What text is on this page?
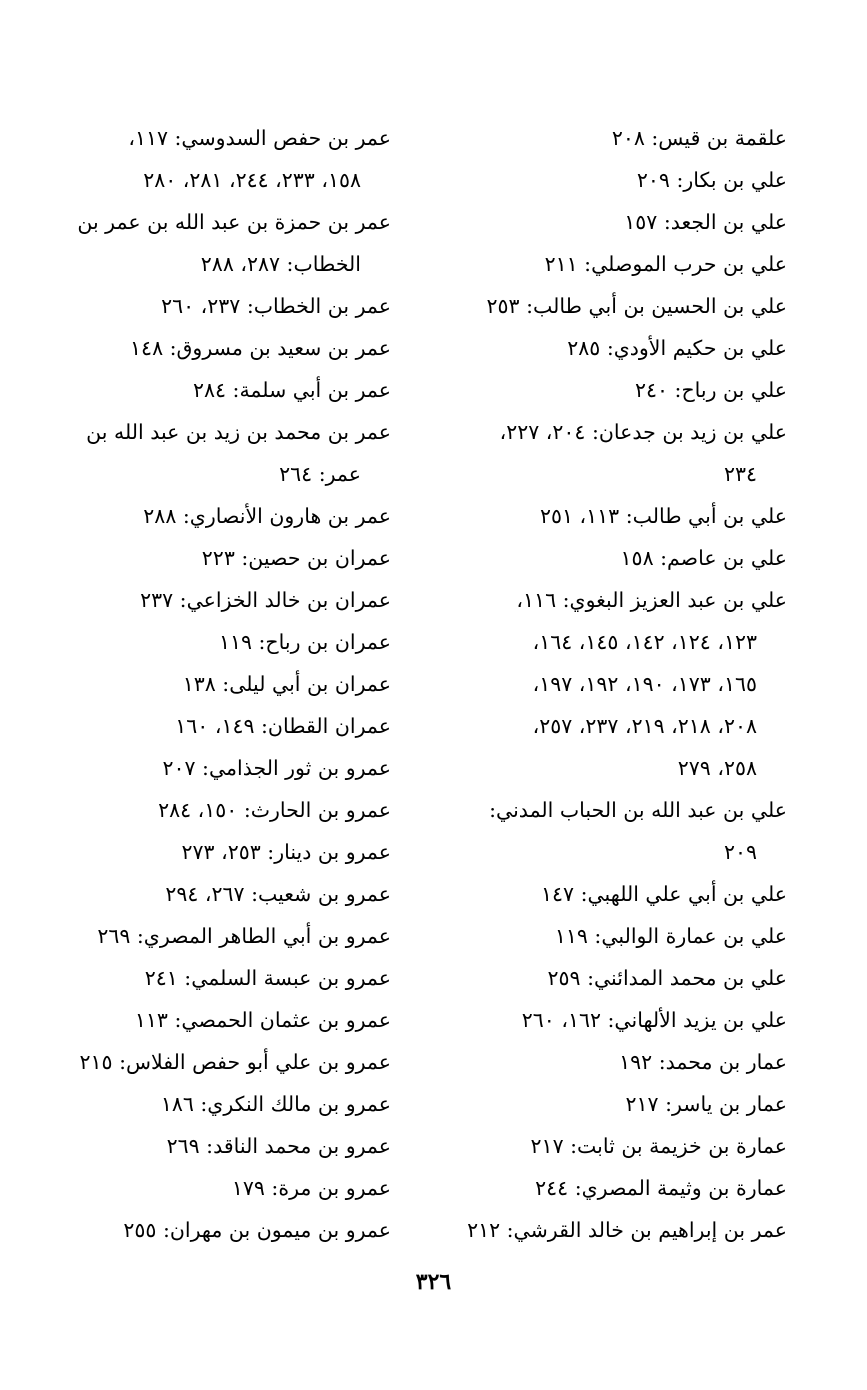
علقمة بن قيس: ٢٠٨
علي بن بكار: ٢٠٩
علي بن الجعد: ١٥٧
علي بن حرب الموصلي: ٢١١
علي بن الحسين بن أبي طالب: ٢٥٣
علي بن حكيم الأودي: ٢٨٥
علي بن رباح: ٢٤٠
علي بن زيد بن جدعان: ٢٠٤، ٢٢٧،
٢٣٤
علي بن أبي طالب: ١١٣، ٢٥١
علي بن عاصم: ١٥٨
علي بن عبد العزيز البغوي: ١١٦،
١٢٣، ١٢٤، ١٤٢، ١٤٥، ١٦٤،
١٦٥، ١٧٣، ١٩٠، ١٩٢، ١٩٧،
٢٠٨، ٢١٨، ٢١٩، ٢٣٧، ٢٥٧،
٢٥٨، ٢٧٩
علي بن عبد الله بن الحباب المدني:
٢٠٩
علي بن أبي علي اللهبي: ١٤٧
علي بن عمارة الوالبي: ١١٩
علي بن محمد المدائني: ٢٥٩
علي بن يزيد الألهاني: ١٦٢، ٢٦٠
عمار بن محمد: ١٩٢
عمار بن ياسر: ٢١٧
عمارة بن خزيمة بن ثابت: ٢١٧
عمارة بن وثيمة المصري: ٢٤٤
عمر بن إبراهيم بن خالد القرشي: ٢١٢
عمر بن حفص السدوسي: ١١٧،
١٥٨، ٢٣٣، ٢٤٤، ٢٨١، ٢٨٠
عمر بن حمزة بن عبد الله بن عمر بن
الخطاب: ٢٨٧، ٢٨٨
عمر بن الخطاب: ٢٣٧، ٢٦٠
عمر بن سعيد بن مسروق: ١٤٨
عمر بن أبي سلمة: ٢٨٤
عمر بن محمد بن زيد بن عبد الله بن
عمر: ٢٦٤
عمر بن هارون الأنصاري: ٢٨٨
عمران بن حصين: ٢٢٣
عمران بن خالد الخزاعي: ٢٣٧
عمران بن رباح: ١١٩
عمران بن أبي ليلى: ١٣٨
عمران القطان: ١٤٩، ١٦٠
عمرو بن ثور الجذامي: ٢٠٧
عمرو بن الحارث: ١٥٠، ٢٨٤
عمرو بن دينار: ٢٥٣، ٢٧٣
عمرو بن شعيب: ٢٦٧، ٢٩٤
عمرو بن أبي الطاهر المصري: ٢٦٩
عمرو بن عبسة السلمي: ٢٤١
عمرو بن عثمان الحمصي: ١١٣
عمرو بن علي أبو حفص الفلاس: ٢١٥
عمرو بن مالك النكري: ١٨٦
عمرو بن محمد الناقد: ٢٦٩
عمرو بن مرة: ١٧٩
عمرو بن ميمون بن مهران: ٢٥٥
٣٢٦
